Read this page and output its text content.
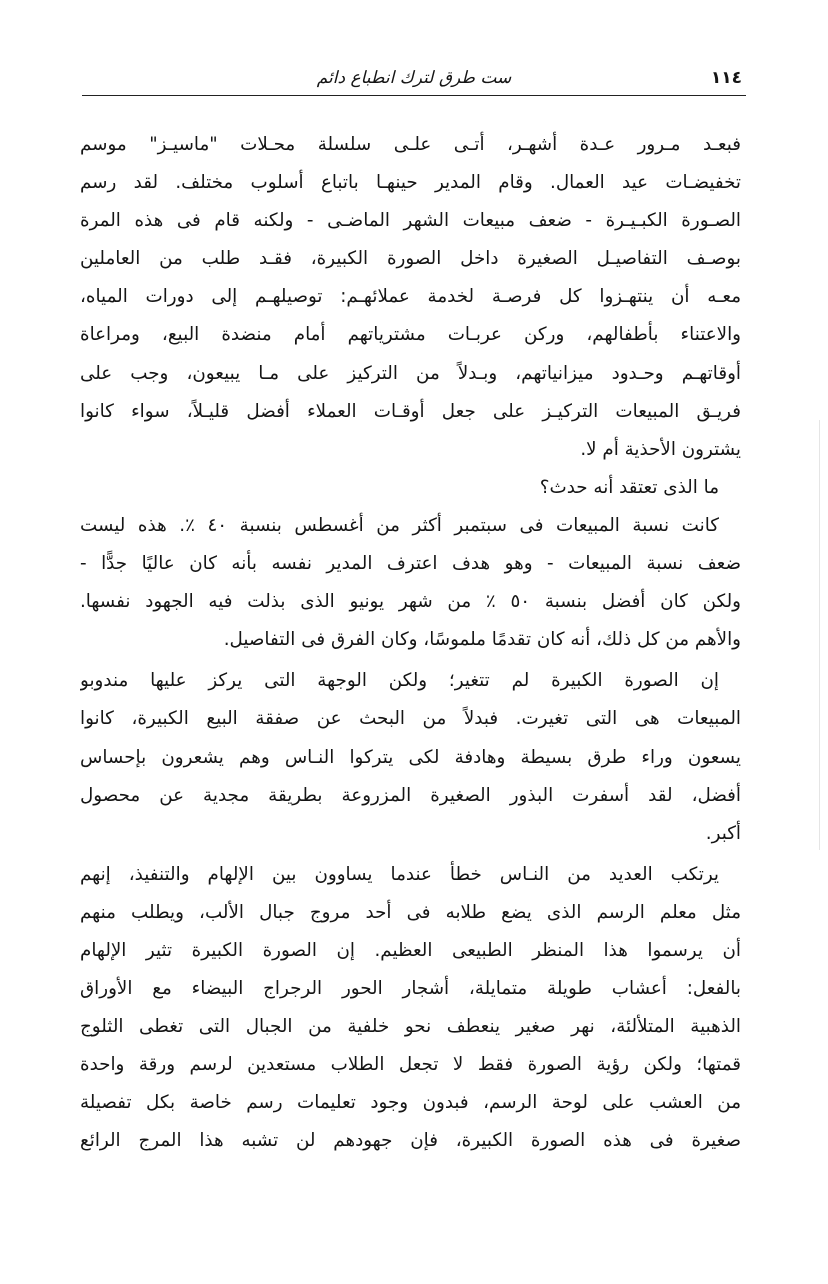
ست طرق لترك انطباع دائم	١١٤
فبعـد مـرور عـدة أشهـر، أتـى علـى سلسلة محـلات "ماسيـز" موسم
تخفيضـات عيد العمال. وقام المدير حينهـا باتباع أسلوب مختلف. لقد رسم
الصـورة الكبـيـرة - ضعف مبيعات الشهر الماضـى - ولكنه قام فى هذه المرة
بوصـف التفاصيـل الصغيرة داخل الصورة الكبيرة، فقـد طلب من العاملين
معـه أن ينتهـزوا كل فرصـة لخدمة عملائهـم: توصيلهـم إلى دورات المياه،
والاعتناء بأطفالهم، وركن عربـات مشترياتهم أمام منضدة البيع، ومراعاة
أوقاتهـم وحـدود ميزانياتهم، وبـدلاً من التركيز على مـا يبيعون، وجب على
فريـق المبيعات التركيـز على جعل أوقـات العملاء أفضل قليـلاً، سواء كانوا
يشترون الأحذية أم لا.
ما الذى تعتقد أنه حدث؟
كانت نسبة المبيعات فى سبتمبر أكثر من أغسطس بنسبة ٤٠ ٪. هذه ليست
ضعف نسبة المبيعات - وهو هدف اعترف المدير نفسه بأنه كان عاليًا جدًّا -
ولكن كان أفضل بنسبة ٥٠ ٪ من شهر يونيو الذى بذلت فيه الجهود نفسها.
والأهم من كل ذلك، أنه كان تقدمًا ملموسًا، وكان الفرق فى التفاصيل.
إن الصورة الكبيرة لم تتغير؛ ولكن الوجهة التى يركز عليها مندوبو
المبيعات هى التى تغيرت. فبدلاً من البحث عن صفقة البيع الكبيرة، كانوا
يسعون وراء طرق بسيطة وهادفة لكى يتركوا النـاس وهم يشعرون بإحساس
أفضل، لقد أسفرت البذور الصغيرة المزروعة بطريقة مجدية عن محصول
أكبر.
يرتكب العديد من النـاس خطأ عندما يساوون بين الإلهام والتنفيذ، إنهم
مثل معلم الرسم الذى يضع طلابه فى أحد مروج جبال الألب، ويطلب منهم
أن يرسموا هذا المنظر الطبيعى العظيم. إن الصورة الكبيرة تثير الإلهام
بالفعل: أعشاب طويلة متمايلة، أشجار الحور الرجراج البيضاء مع الأوراق
الذهبية المتلألئة، نهر صغير ينعطف نحو خلفية من الجبال التى تغطى الثلوج
قمتها؛ ولكن رؤية الصورة فقط لا تجعل الطلاب مستعدين لرسم ورقة واحدة
من العشب على لوحة الرسم، فبدون وجود تعليمات رسم خاصة بكل تفصيلة
صغيرة فى هذه الصورة الكبيرة، فإن جهودهم لن تشبه هذا المرج الرائع
